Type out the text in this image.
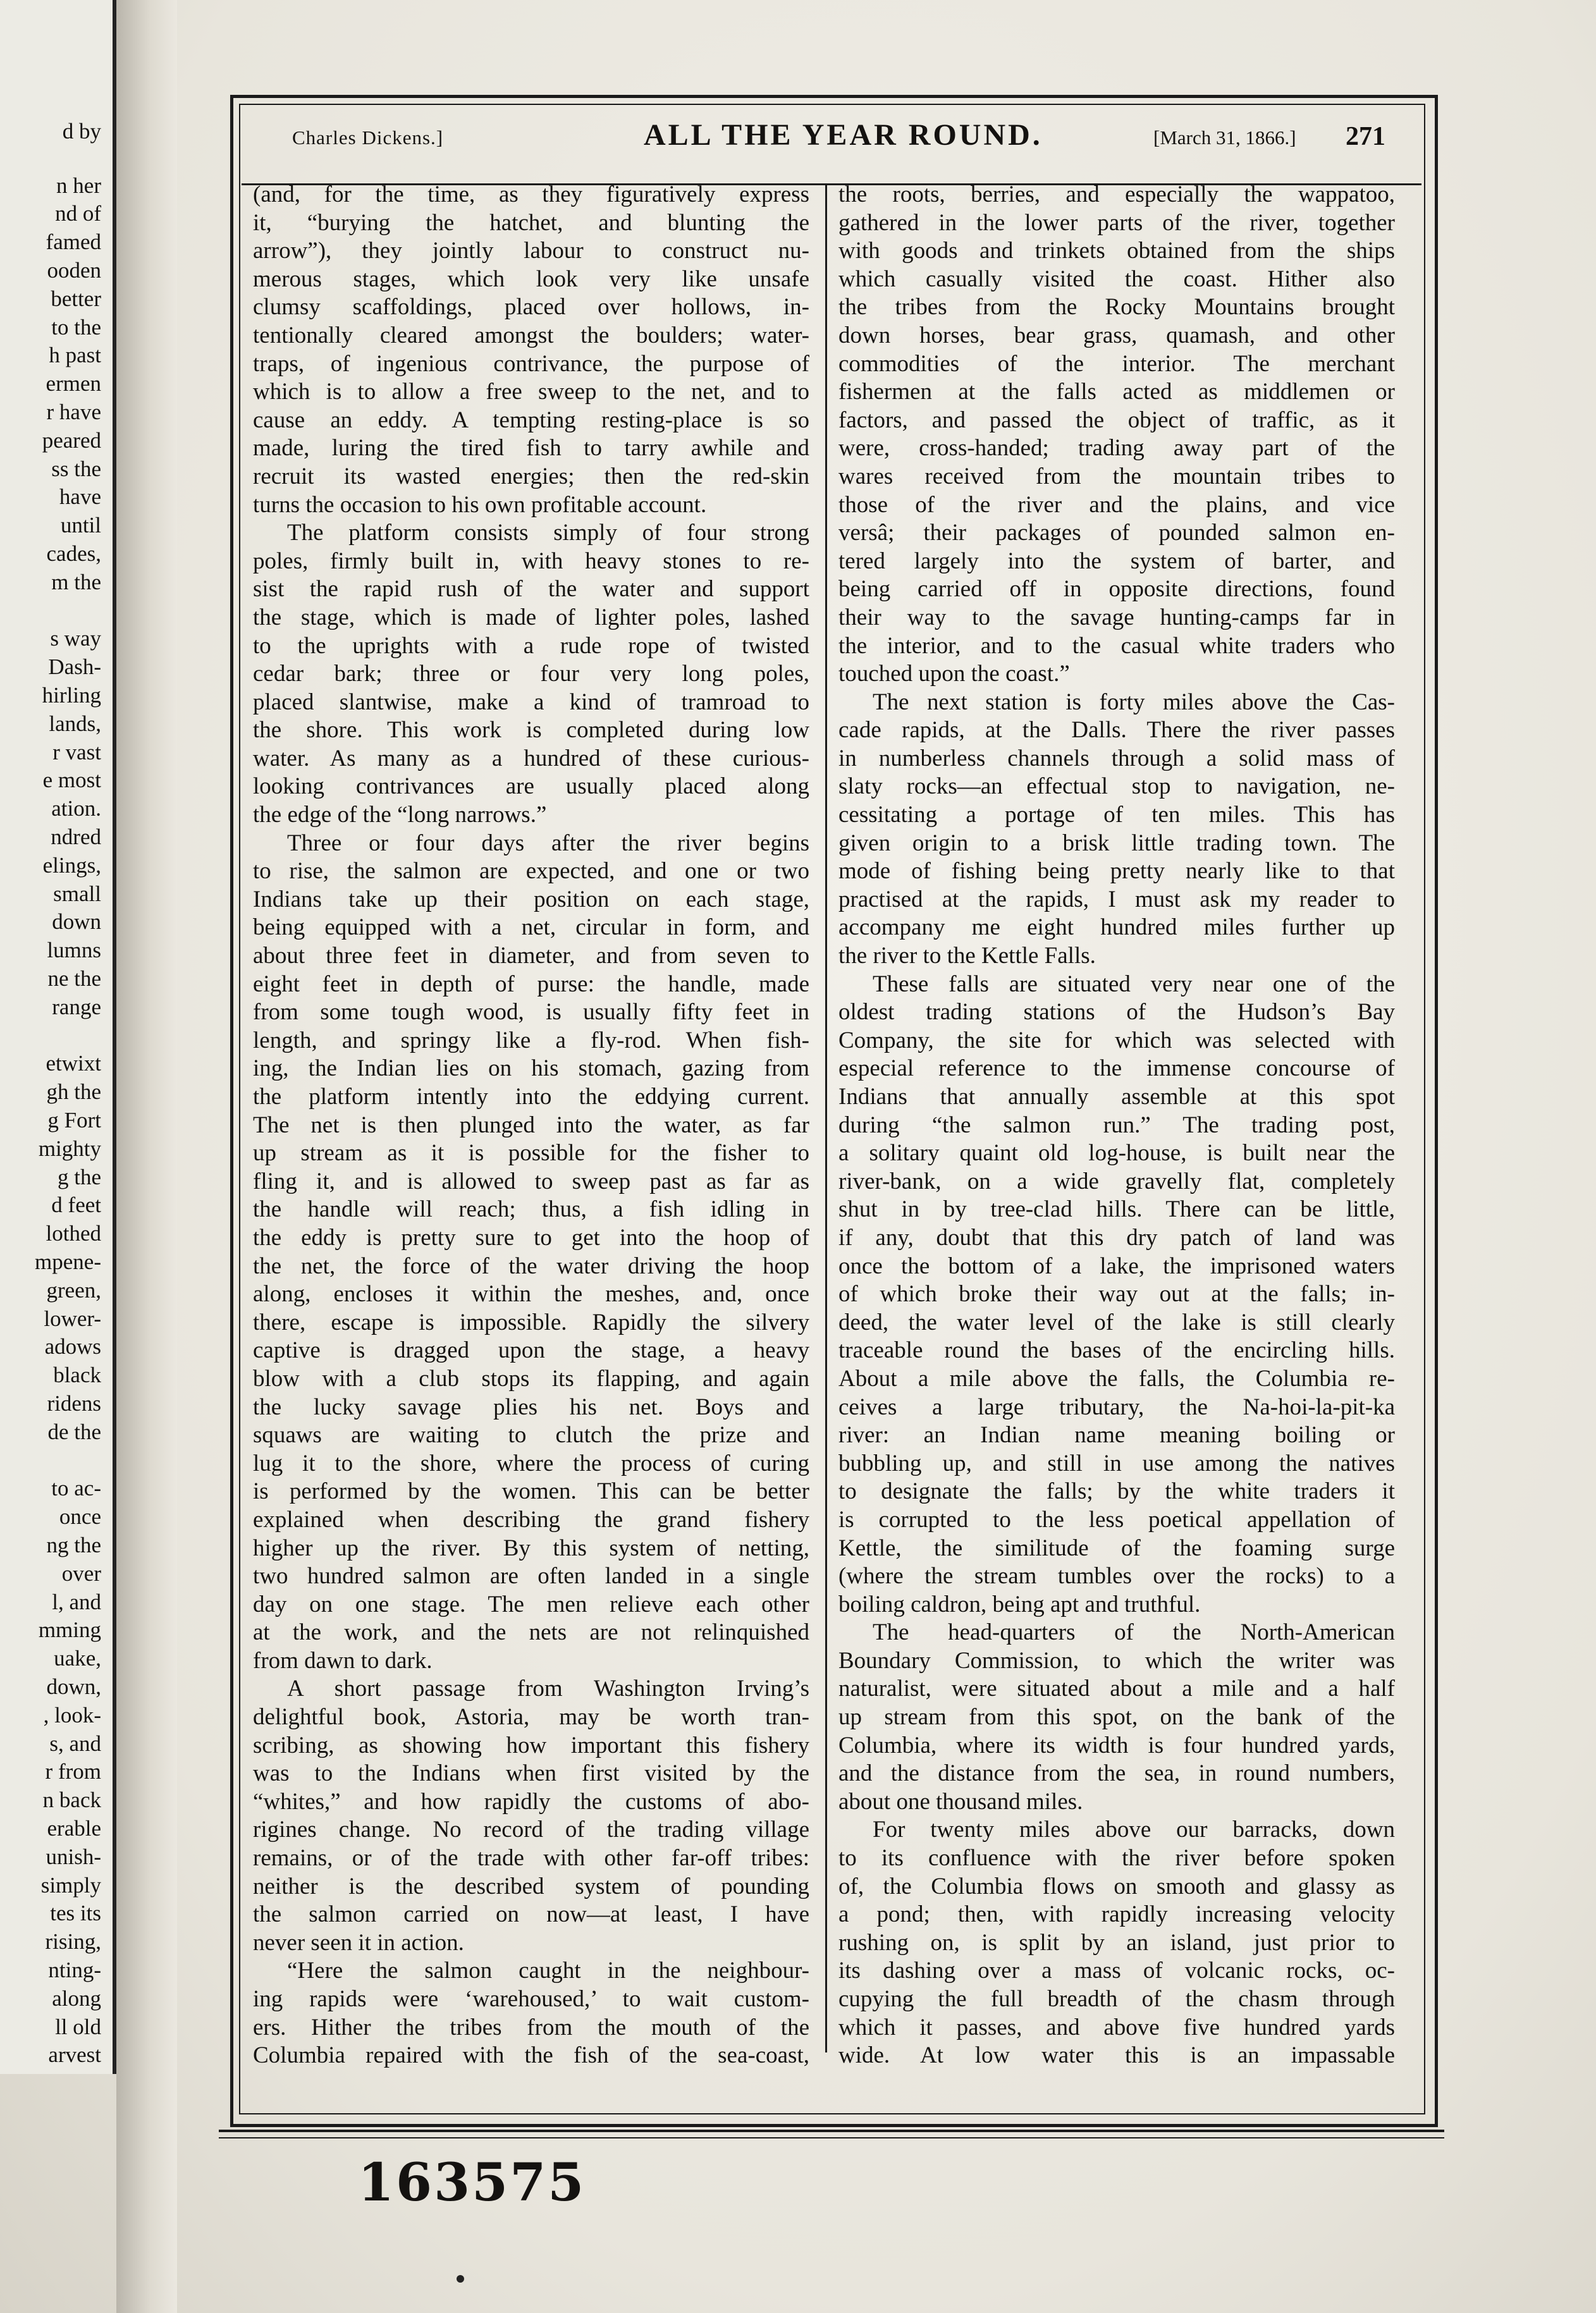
d by
n her
nd of
famed
ooden
better
to the
h past
ermen
r have
peared
ss the
have
until
cades,
m the
s way
Dash-
hirling
lands,
r vast
e most
ation.
ndred
elings,
small
down
lumns
ne the
range
etwixt
gh the
g Fort
mighty
g the
d feet
lothed
mpene-
green,
lower-
adows
black
ridens
de the
to ac-
once
ng the
over
l, and
mming
uake,
down,
, look-
s, and
r from
n back
erable
unish-
simply
tes its
rising,
nting-
along
ll old
arvest
Charles Dickens.]	ALL THE YEAR ROUND.	[March 31, 1866.] 271
(and, for the time, as they figuratively express
it, “burying the hatchet, and blunting the
arrow”), they jointly labour to construct nu-
merous stages, which look very like unsafe
clumsy scaffoldings, placed over hollows, in-
tentionally cleared amongst the boulders; water-
traps, of ingenious contrivance, the purpose of
which is to allow a free sweep to the net, and to
cause an eddy. A tempting resting-place is so
made, luring the tired fish to tarry awhile and
recruit its wasted energies; then the red-skin
turns the occasion to his own profitable account.
The platform consists simply of four strong
poles, firmly built in, with heavy stones to re-
sist the rapid rush of the water and support
the stage, which is made of lighter poles, lashed
to the uprights with a rude rope of twisted
cedar bark; three or four very long poles,
placed slantwise, make a kind of tramroad to
the shore. This work is completed during low
water. As many as a hundred of these curious-
looking contrivances are usually placed along
the edge of the “long narrows.”
Three or four days after the river begins
to rise, the salmon are expected, and one or two
Indians take up their position on each stage,
being equipped with a net, circular in form, and
about three feet in diameter, and from seven to
eight feet in depth of purse: the handle, made
from some tough wood, is usually fifty feet in
length, and springy like a fly-rod. When fish-
ing, the Indian lies on his stomach, gazing from
the platform intently into the eddying current.
The net is then plunged into the water, as far
up stream as it is possible for the fisher to
fling it, and is allowed to sweep past as far as
the handle will reach; thus, a fish idling in
the eddy is pretty sure to get into the hoop of
the net, the force of the water driving the hoop
along, encloses it within the meshes, and, once
there, escape is impossible. Rapidly the silvery
captive is dragged upon the stage, a heavy
blow with a club stops its flapping, and again
the lucky savage plies his net. Boys and
squaws are waiting to clutch the prize and
lug it to the shore, where the process of curing
is performed by the women. This can be better
explained when describing the grand fishery
higher up the river. By this system of netting,
two hundred salmon are often landed in a single
day on one stage. The men relieve each other
at the work, and the nets are not relinquished
from dawn to dark.
A short passage from Washington Irving’s
delightful book, Astoria, may be worth tran-
scribing, as showing how important this fishery
was to the Indians when first visited by the
“whites,” and how rapidly the customs of abo-
rigines change. No record of the trading village
remains, or of the trade with other far-off tribes:
neither is the described system of pounding
the salmon carried on now—at least, I have
never seen it in action.
“Here the salmon caught in the neighbour-
ing rapids were ‘warehoused,’ to wait custom-
ers. Hither the tribes from the mouth of the
Columbia repaired with the fish of the sea-coast,
the roots, berries, and especially the wappatoo,
gathered in the lower parts of the river, together
with goods and trinkets obtained from the ships
which casually visited the coast. Hither also
the tribes from the Rocky Mountains brought
down horses, bear grass, quamash, and other
commodities of the interior. The merchant
fishermen at the falls acted as middlemen or
factors, and passed the object of traffic, as it
were, cross-handed; trading away part of the
wares received from the mountain tribes to
those of the river and the plains, and vice
versâ; their packages of pounded salmon en-
tered largely into the system of barter, and
being carried off in opposite directions, found
their way to the savage hunting-camps far in
the interior, and to the casual white traders who
touched upon the coast.”
The next station is forty miles above the Cas-
cade rapids, at the Dalls. There the river passes
in numberless channels through a solid mass of
slaty rocks—an effectual stop to navigation, ne-
cessitating a portage of ten miles. This has
given origin to a brisk little trading town. The
mode of fishing being pretty nearly like to that
practised at the rapids, I must ask my reader to
accompany me eight hundred miles further up
the river to the Kettle Falls.
These falls are situated very near one of the
oldest trading stations of the Hudson’s Bay
Company, the site for which was selected with
especial reference to the immense concourse of
Indians that annually assemble at this spot
during “the salmon run.” The trading post,
a solitary quaint old log-house, is built near the
river-bank, on a wide gravelly flat, completely
shut in by tree-clad hills. There can be little,
if any, doubt that this dry patch of land was
once the bottom of a lake, the imprisoned waters
of which broke their way out at the falls; in-
deed, the water level of the lake is still clearly
traceable round the bases of the encircling hills.
About a mile above the falls, the Columbia re-
ceives a large tributary, the Na-hoi-la-pit-ka
river: an Indian name meaning boiling or
bubbling up, and still in use among the natives
to designate the falls; by the white traders it
is corrupted to the less poetical appellation of
Kettle, the similitude of the foaming surge
(where the stream tumbles over the rocks) to a
boiling caldron, being apt and truthful.
The head-quarters of the North-American
Boundary Commission, to which the writer was
naturalist, were situated about a mile and a half
up stream from this spot, on the bank of the
Columbia, where its width is four hundred yards,
and the distance from the sea, in round numbers,
about one thousand miles.
For twenty miles above our barracks, down
to its confluence with the river before spoken
of, the Columbia flows on smooth and glassy as
a pond; then, with rapidly increasing velocity
rushing on, is split by an island, just prior to
its dashing over a mass of volcanic rocks, oc-
cupying the full breadth of the chasm through
which it passes, and above five hundred yards
wide. At low water this is an impassable
163575
